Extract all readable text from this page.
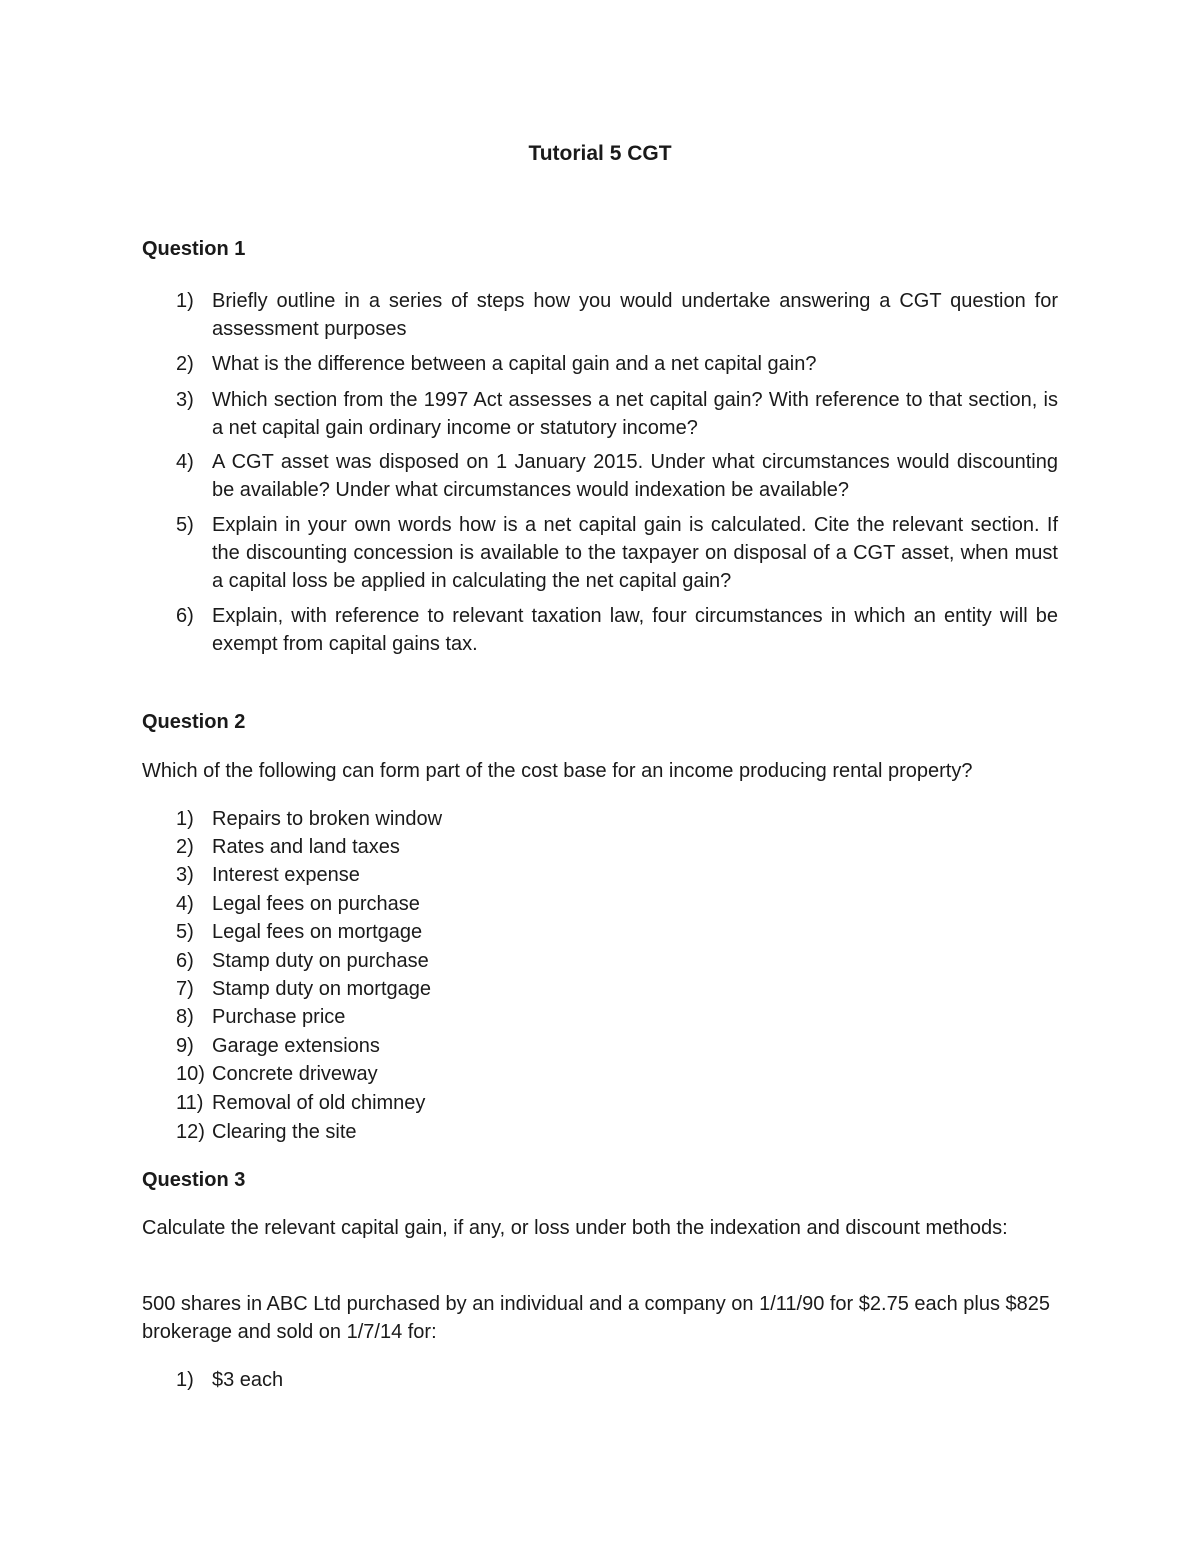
Tutorial 5 CGT
Question 1
1) Briefly outline in a series of steps how you would undertake answering a CGT question for assessment purposes
2) What is the difference between a capital gain and a net capital gain?
3) Which section from the 1997 Act assesses a net capital gain? With reference to that section, is a net capital gain ordinary income or statutory income?
4) A CGT asset was disposed on 1 January 2015. Under what circumstances would discounting be available? Under what circumstances would indexation be available?
5) Explain in your own words how is a net capital gain is calculated. Cite the relevant section. If the discounting concession is available to the taxpayer on disposal of a CGT asset, when must a capital loss be applied in calculating the net capital gain?
6) Explain, with reference to relevant taxation law, four circumstances in which an entity will be exempt from capital gains tax.
Question 2

Which of the following can form part of the cost base for an income producing rental property?

1) Repairs to broken window
2) Rates and land taxes
3) Interest expense
4) Legal fees on purchase
5) Legal fees on mortgage
6) Stamp duty on purchase
7) Stamp duty on mortgage
8) Purchase price
9) Garage extensions
10) Concrete driveway
11) Removal of old chimney
12) Clearing the site
Question 3

Calculate the relevant capital gain, if any, or loss under both the indexation and discount methods:

500 shares in ABC Ltd purchased by an individual and a company on 1/11/90 for $2.75 each plus $825 brokerage and sold on 1/7/14 for:

1) $3 each
